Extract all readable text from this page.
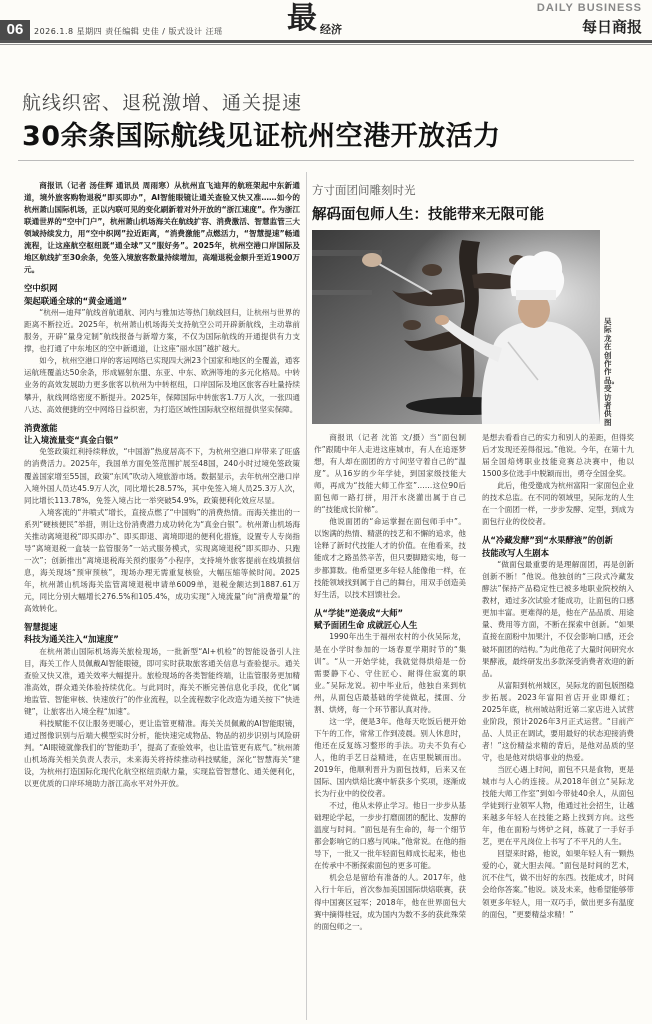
06	2026.1.8 星期四 责任编辑 史佳 / 版式设计 汪瑶 最 经济
DAILY BUSINESS
每日商报
航线织密、退税激增、通关提速
30余条国际航线见证杭州空港开放活力

商报讯（记者 汤佳辉 通讯员 周雨寒）从杭州直飞迪拜的航班架起中东新通道，境外旅客购物退税“即买即办”，AI智能眼镜让通关查验又快又准……如今的杭州萧山国际机场，正以内联可见的变化刷新着对外开放的“浙江速度”。作为浙江联通世界的“空中门户”，杭州萧山机场海关在航线扩容、消费激活、智慧监管三大领域持续发力，用“空中织网”拉近距离，“消费激能”点燃活力，“智慧提速”畅通流程，让这座航空枢纽既“通全球”又“服好务”。2025年，杭州空港口岸国际及地区航线扩至30余条，免签入境旅客数量持续增加，高端退税金额升至近1900万元。

空中织网
架起联通全球的“黄金通道”

“杭州—迪拜”航线首航通航、河内与雅加达等热门航线回归，让杭州与世界的距离不断拉近。2025年，杭州萧山机场海关支持航空公司开辟新航线，主动靠前服务，开辟“量身定制”航线报备与新增方案，不仅为国际航线的开通提供有力支撑，也打通了中东地区的空中新通道，让这座“丽水国”越扩越大。

如今，杭州空港口岸的客运网络已实现四大洲23个国家和地区的全覆盖，通客运航班覆盖达50余条，形成辐射东盟、东亚、中东、欧洲等地的多元化格局。中转业务的高效发展助力更多旅客以杭州为中转枢纽，口岸国际及地区旅客吞吐量持续攀升，航线网络密度不断提升。2025年，保障国际中转旅客1.7万人次，一张四通八达、高效便捷的空中网络日益织密，为打造区域性国际航空枢纽提供坚实保障。

消费激能
让入境流量变“真金白银”

免签政策红利持续释放，“中国游”热度居高不下，为杭州空港口岸带来了旺盛的消费活力。2025年，我国单方面免签范围扩展至48国，240小时过境免签政策覆盖国家增至55国，政策“东风”吹动入境旅游市场。数据显示，去年杭州空港口岸入境外国人员达45.9万人次，同比增长28.57%，其中免签入境人员25.3万人次，同比增长113.78%，免签入境占比一举突破54.9%，政策便利化效应尽显。

入境客流的“井喷式”增长，直接点燃了“中国购”的消费热情。而海关推出的一系列“硬核便民”举措，则让这份消费潜力成功转化为“真金白银”。杭州萧山机场海关推动离境退税“即买即办”、即买即退、离境即退的便利化措施，设置专人专岗指导“离境退税一盒装一监管服务”一站式服务模式，实现离境退税“即买即办、只跑一次”；创新推出“离境退税海关预约服务”小程序，支持境外旅客提前在线填报信息，海关现场“预审预核”，现场办理无需重复核验，大幅压缩等候时间。2025年，杭州萧山机场海关监管离境退税申请单6009单，退税金额达到1887.61万元，同比分别大幅增长276.5%和105.4%，成功实现“入境流量”向“消费增量”的高效转化。

智慧提速
科技为通关注入“加速度”

在杭州萧山国际机场海关旅检现场，一批新型“AI+机检”的智能设备引人注目，海关工作人员佩戴AI智能眼镜，即可实时获取旅客通关信息与查验提示。通关查验又快又准，通关效率大幅提升。旅检现场的各类智能终端，让监管服务更加精准高效，群众通关体验持续优化。与此同时，海关不断完善信息化手段，优化“属地监管、智能审核、快速放行”的作业流程，以全流程数字化改造为通关按下“快进键”，让旅客出入境全程“加速”。

科技赋能不仅让服务更暖心，更让监管更精准。海关关员佩戴的AI智能眼镜，通过图像识别与后端大模型实时分析，能快速完成物品、物品的初步识别与风险研判。“AI眼镜就像我们的‘智能助手’，提高了查验效率，也让监管更有底气。”杭州萧山机场海关相关负责人表示，未来海关将持续推动科技赋能，深化“智慧海关”建设，为杭州打造国际化现代化航空枢纽贡献力量，实现监管智慧化、通关便利化，以更优质的口岸环境助力浙江高水平对外开放。

方寸面团间雕刻时光
解码面包师人生：技能带来无限可能
吴际龙在创作作品。受访者供图

商报讯（记者 沈笛 文/摄）当“面包制作”跟随中年人走进这座城市，有人在追逐梦想，有人却在面团的方寸间坚守着自己的“温度”。从16岁的少年学徒，到国家级技能大师，再成为“技能大师工作室”……这位90后面包师一路打拼，用汗水浇灌出属于自己的“技能成长阶梯”。

他说面团的“命运掌握在面包师手中”。以饱满的热情、精湛的技艺和不懈的追求，他诠释了新时代技能人才的价值。在他看来，技能成才之路虽然辛苦，但只要脚踏实地，每一步都算数。他希望更多年轻人能像他一样，在技能领域找到属于自己的舞台，用双手创造美好生活，以技术回馈社会。

从“学徒”逆袭成“大师”
赋予面团生命 成就匠心人生

1990年出生于福州农村的小伙吴际龙，是在小学时参加的一场春夏学期时节的“集训”。“从一开始学徒，我就觉得烘焙是一份需要静下心、守住匠心、耐得住寂寞的职业。”吴际龙说。初中毕业后，他独自来到杭州，从面包店最基础的学徒做起，揉面、分割、烘烤，每一个环节都认真对待。

这一学，便是3年。他每天吃饭后便开始下午的工作，常常工作到凌晨。别人休息时，他还在反复练习整形的手法。功夫不负有心人，他的手艺日益精进，在店里脱颖而出。2019年，他顺利晋升为面包技师，后来又在国际、国内烘焙比赛中斩获多个奖项，逐渐成长为行业中的佼佼者。

不过，他从未停止学习。他日一步步从基础理论学起，一步步打磨面团的配比、发酵的温度与时间。“面包是有生命的，每一个细节都会影响它的口感与风味。”他常说。在他的指导下，一批又一批年轻面包师成长起来，他也在传承中不断探索面包的更多可能。

机会总是留给有准备的人。2017年，他入行十年后，首次参加美国国际烘焙联赛，获得中国赛区冠军；2018年，他在世界面包大赛中摘得桂冠，成为国内为数不多的获此殊荣的面包师之一。

是想去看看自己的实力和别人的差距，但得奖后才发现还差得很远。”他说。今年，在第十九届全国焙烤职业技能竞赛总决赛中，他以1500多位选手中脱颖而出，勇夺全国金奖。

此后，他受邀成为杭州富阳一家面包企业的技术总监。在不同的领域里，吴际龙的人生在一个面团一样，一步步发酵、定型，到成为面包行业的佼佼者。

从“冷藏发酵”到“水果酵液”的创新
技能改写人生剧本

“做面包最重要的是理解面团，再是创新创新不断！”他说。他独创的“三段式冷藏发酵法”保持产品稳定性已被多地职业院校纳入教材，通过多次试验才能成功，让面包的口感更加丰富。更难得的是，他在产品品质、用途量、费用等方面，不断在探索中创新。“如果直接在面粉中加果汁，不仅会影响口感，还会破坏面团的结构。”为此他花了大量时间研究水果酵液，最终研发出多款深受消费者欢迎的新品。

从富阳到杭州城区，吴际龙的面包版图稳步拓展。2023年富阳首店开业即爆红；2025年底，杭州城站附近第二家店进入试营业阶段，预计2026年3月正式运营。“目前产品、人员正在调试，要用最好的状态迎接消费者！”这份精益求精的背后，是他对品质的坚守，也是他对烘焙事业的热爱。

当匠心遇上时间，面包不只是食物，更是城市与人心的连接。从2018年创立“吴际龙技能大师工作室”到如今带徒40余人，从面包学徒到行业领军人物，他通过社会招生，让越来越多年轻人在技能之路上找到方向。这些年，他在面粉与烤炉之间，练就了一手好手艺，更在平凡岗位上书写了不平凡的人生。

回望来时路，他说，如果年轻人有一颗热爱的心，就大胆去闯。“面包是时间的艺术，沉不住气，做不出好的东西。技能成才，时间会给你答案。”他说。谈及未来，他希望能够带领更多年轻人，用一双巧手，做出更多有温度的面包，“更要精益求精！”
